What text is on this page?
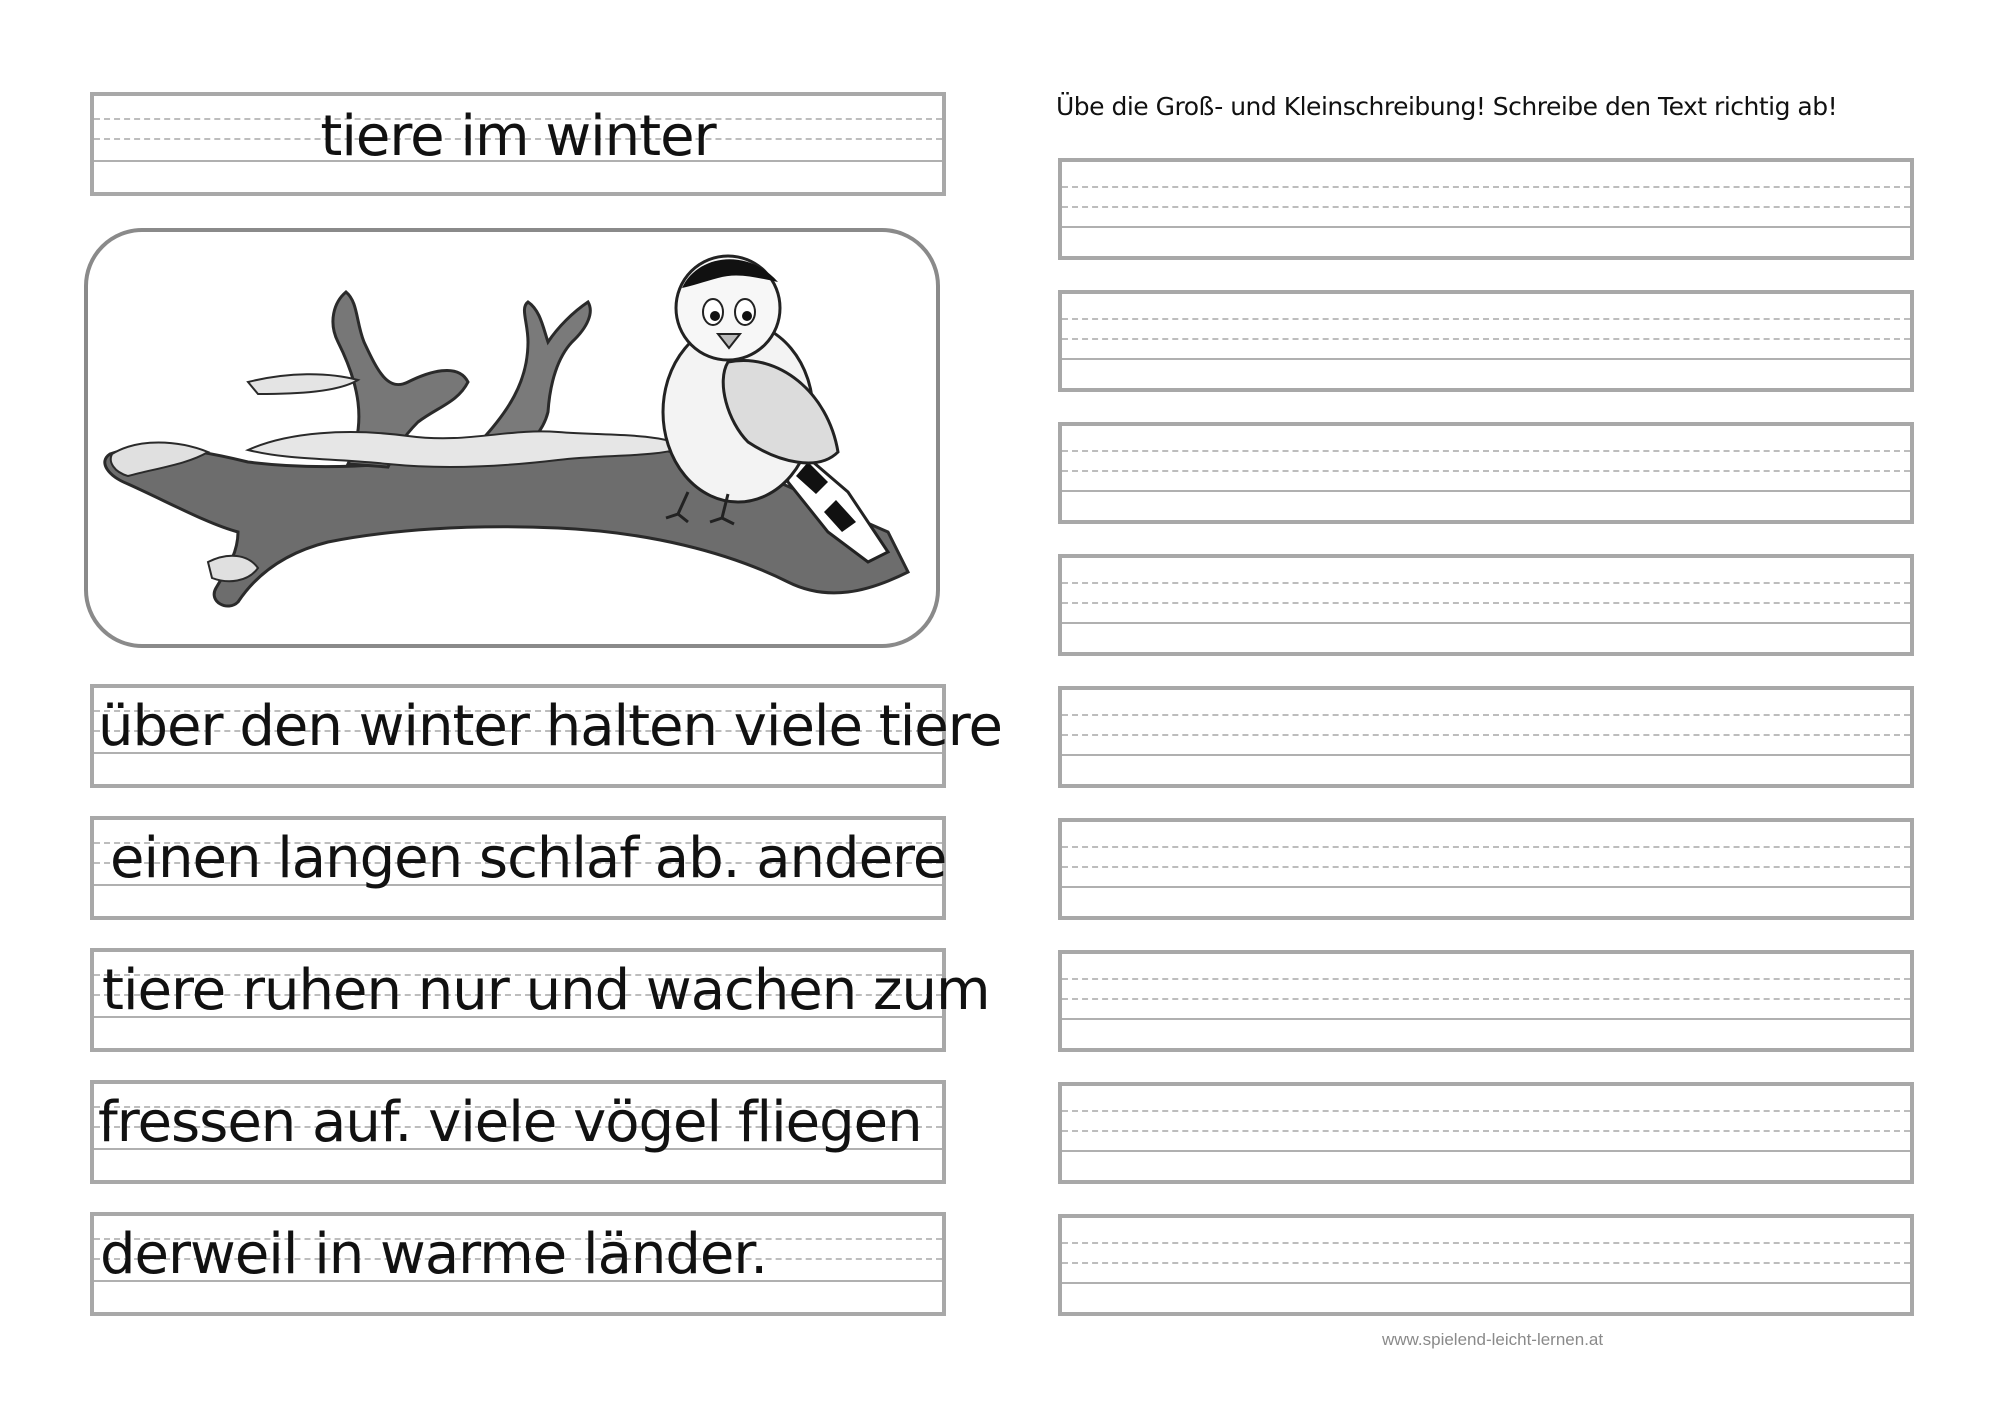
tiere im winter
über den winter halten viele tiere
einen langen schlaf ab. andere
tiere ruhen nur und wachen zum
fressen auf. viele vögel fliegen
derweil in warme länder.
Übe die Groß- und Kleinschreibung! Schreibe den Text richtig ab!
www.spielend-leicht-lernen.at
